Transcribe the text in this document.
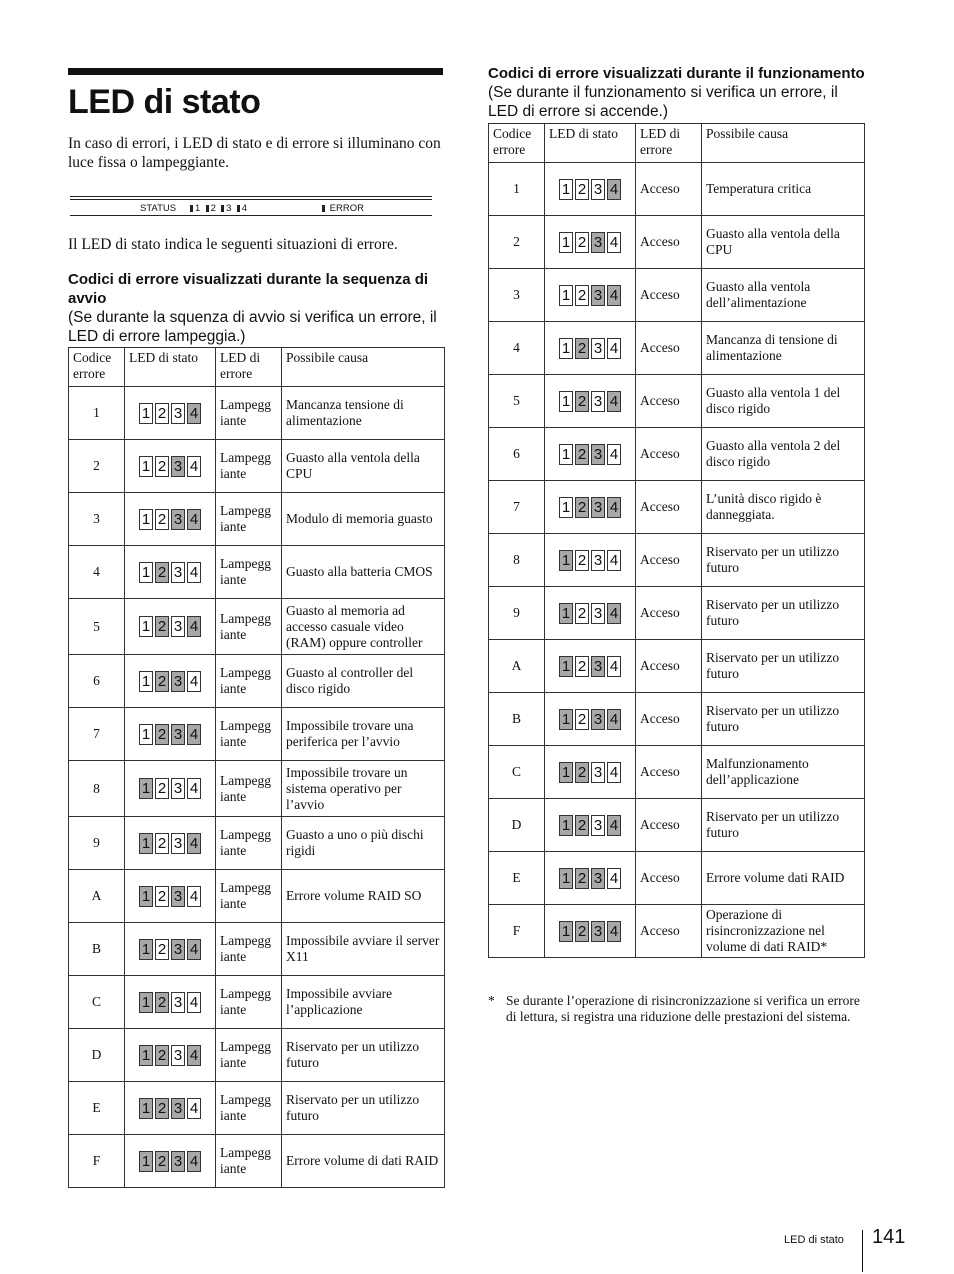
LED di stato

In caso di errori, i LED di stato e di errore si illuminano con luce fissa o lampeggiante.

STATUS	1 2 3 4	ERROR

Il LED di stato indica le seguenti situazioni di errore.

Codici di errore visualizzati durante la sequenza di avvio

(Se durante la squenza di avvio si verifica un errore, il LED di errore lampeggia.)

Codice errore	LED di stato	LED di errore	Possibile causa
1	1 2 3 4	Lampegg iante	Mancanza tensione di alimentazione
2	1 2 3 4	Lampegg iante	Guasto alla ventola della CPU
3	1 2 3 4	Lampegg iante	Modulo di memoria guasto
4	1 2 3 4	Lampegg iante	Guasto alla batteria CMOS
5	1 2 3 4	Lampegg iante	Guasto al memoria ad accesso casuale video (RAM) oppure controller
6	1 2 3 4	Lampegg iante	Guasto al controller del disco rigido
7	1 2 3 4	Lampegg iante	Impossibile trovare una periferica per l’avvio
8	1 2 3 4	Lampegg iante	Impossibile trovare un sistema operativo per l’avvio
9	1 2 3 4	Lampegg iante	Guasto a uno o più dischi rigidi
A	1 2 3 4	Lampegg iante	Errore volume RAID SO
B	1 2 3 4	Lampegg iante	Impossibile avviare il server X11
C	1 2 3 4	Lampegg iante	Impossibile avviare l’applicazione
D	1 2 3 4	Lampegg iante	Riservato per un utilizzo futuro
E	1 2 3 4	Lampegg iante	Riservato per un utilizzo futuro
F	1 2 3 4	Lampegg iante	Errore volume di dati RAID
Codici di errore visualizzati durante il funzionamento

(Se durante il funzionamento si verifica un errore, il LED di errore si accende.)

Codice errore	LED di stato	LED di errore	Possibile causa
1	1 2 3 4	Acceso	Temperatura critica
2	1 2 3 4	Acceso	Guasto alla ventola della CPU
3	1 2 3 4	Acceso	Guasto alla ventola dell’alimentazione
4	1 2 3 4	Acceso	Mancanza di tensione di alimentazione
5	1 2 3 4	Acceso	Guasto alla ventola 1 del disco rigido
6	1 2 3 4	Acceso	Guasto alla ventola 2 del disco rigido
7	1 2 3 4	Acceso	L’unità disco rigido è danneggiata.
8	1 2 3 4	Acceso	Riservato per un utilizzo futuro
9	1 2 3 4	Acceso	Riservato per un utilizzo futuro
A	1 2 3 4	Acceso	Riservato per un utilizzo futuro
B	1 2 3 4	Acceso	Riservato per un utilizzo futuro
C	1 2 3 4	Acceso	Malfunzionamento dell’applicazione
D	1 2 3 4	Acceso	Riservato per un utilizzo futuro
E	1 2 3 4	Acceso	Errore volume dati RAID
F	1 2 3 4	Acceso	Operazione di risincronizzazione nel volume di dati RAID*
* Se durante l’operazione di risincronizzazione si verifica un errore di lettura, si registra una riduzione delle prestazioni del sistema.
LED di stato 141
